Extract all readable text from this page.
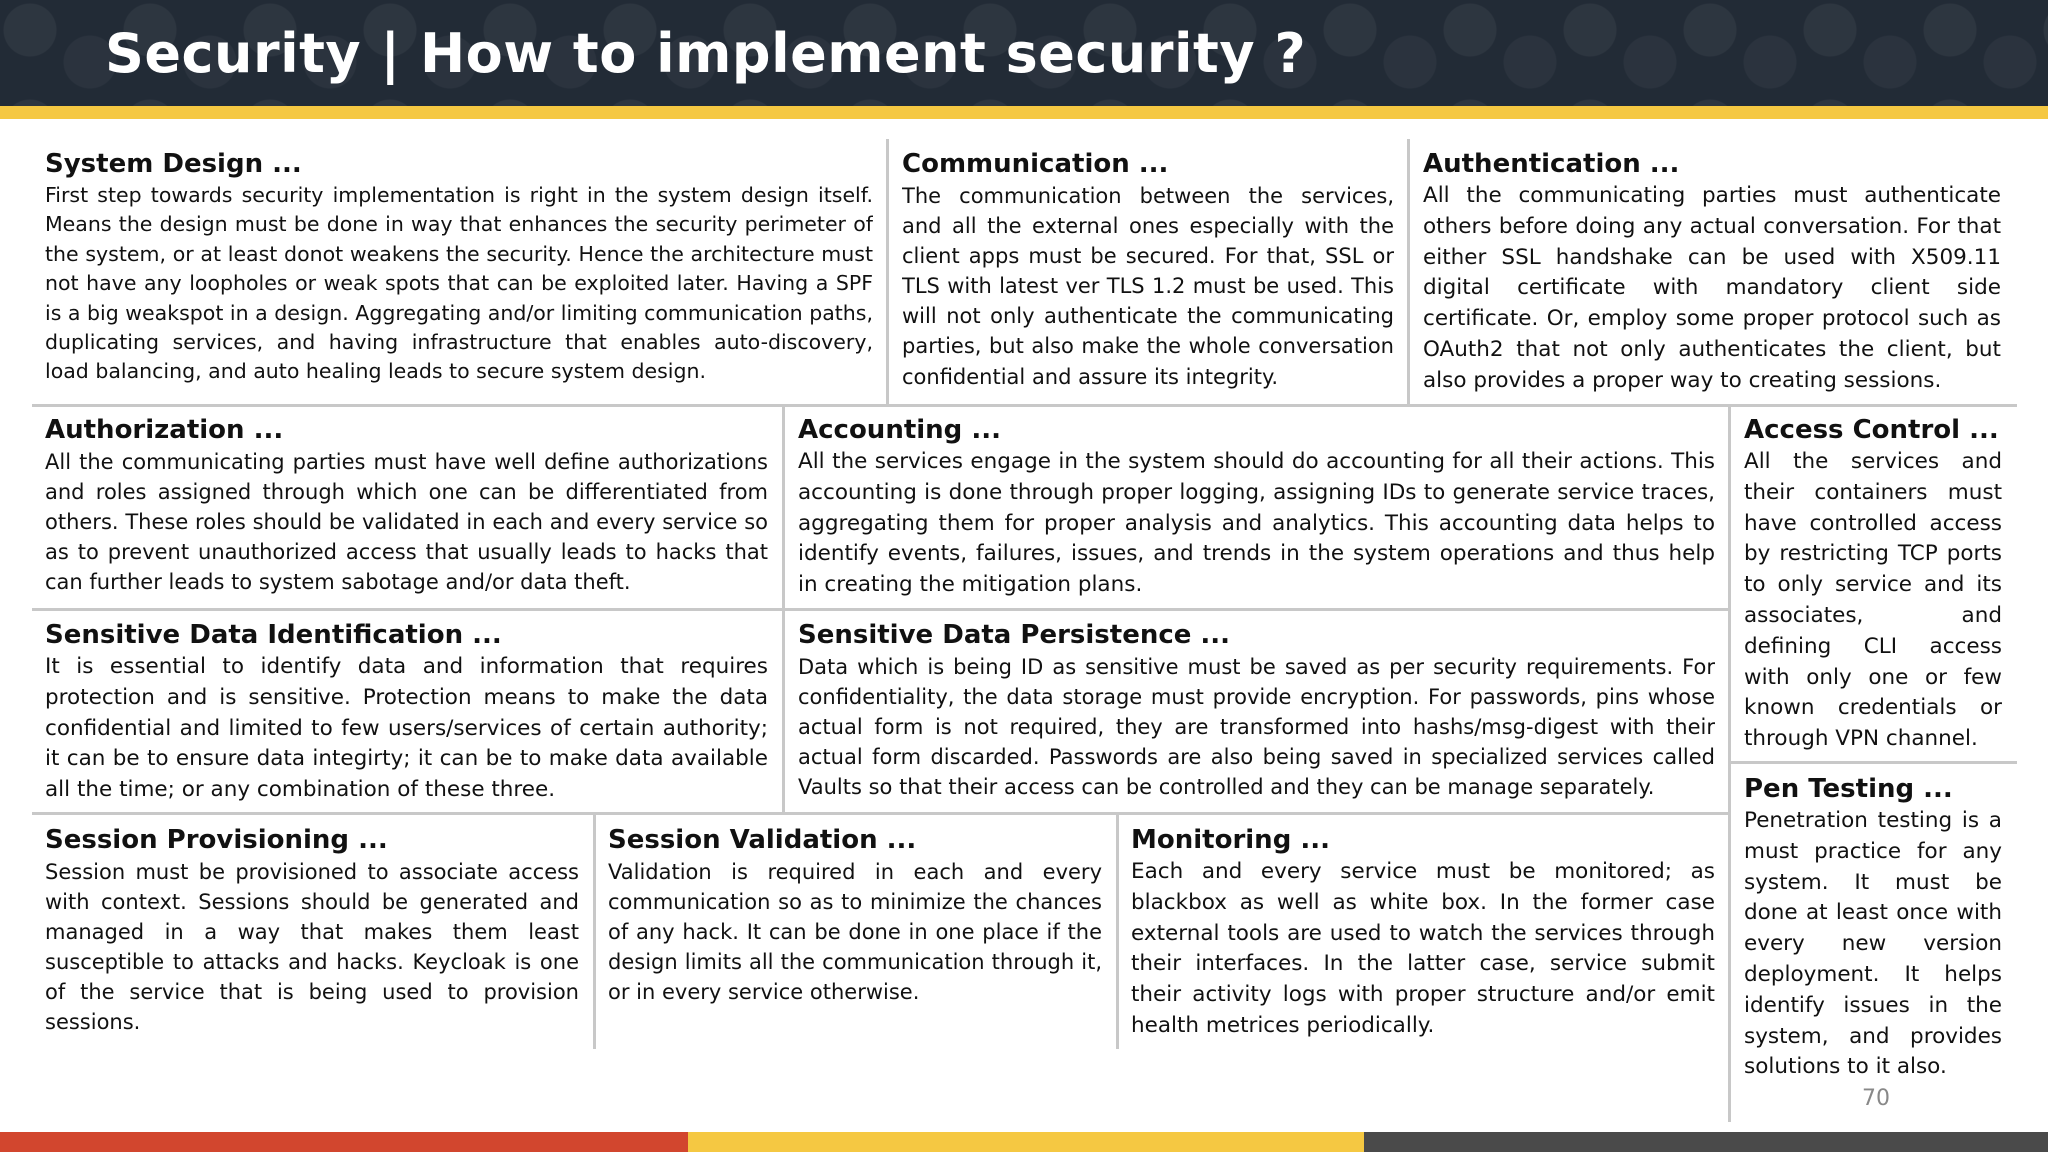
Security | How to implement security ?
System Design ...
First step towards security implementation is right in the system design itself. Means the design must be done in way that enhances the security perimeter of the system, or at least donot weakens the security. Hence the architecture must not have any loopholes or weak spots that can be exploited later. Having a SPF is a big weakspot in a design. Aggregating and/or limiting communication paths, duplicating services, and having infrastructure that enables auto-discovery, load balancing, and auto healing leads to secure system design.
Communication ...
The communication between the services, and all the external ones especially with the client apps must be secured. For that, SSL or TLS with latest ver TLS 1.2 must be used. This will not only authenticate the communicating parties, but also make the whole conversation confidential and assure its integrity.
Authentication ...
All the communicating parties must authenticate others before doing any actual conversation. For that either SSL handshake can be used with X509.11 digital certificate with mandatory client side certificate. Or, employ some proper protocol such as OAuth2 that not only authenticates the client, but also provides a proper way to creating sessions.
Authorization ...
All the communicating parties must have well define authorizations and roles assigned through which one can be differentiated from others. These roles should be validated in each and every service so as to prevent unauthorized access that usually leads to hacks that can further leads to system sabotage and/or data theft.
Accounting ...
All the services engage in the system should do accounting for all their actions. This accounting is done through proper logging, assigning IDs to generate service traces, aggregating them for proper analysis and analytics. This accounting data helps to identify events, failures, issues, and trends in the system operations and thus help in creating the mitigation plans.
Access Control ...
All the services and their containers must have controlled access by restricting TCP ports to only service and its associates, and defining CLI access with only one or few known credentials or through VPN channel.
Sensitive Data Identification ...
It is essential to identify data and information that requires protection and is sensitive. Protection means to make the data confidential and limited to few users/services of certain authority; it can be to ensure data integirty; it can be to make data available all the time; or any combination of these three.
Sensitive Data Persistence ...
Data which is being ID as sensitive must be saved as per security requirements. For confidentiality, the data storage must provide encryption. For passwords, pins whose actual form is not required, they are transformed into hashs/msg-digest with their actual form discarded. Passwords are also being saved in specialized services called Vaults so that their access can be controlled and they can be manage separately.	Pen Testing ...
Penetration testing is a must practice for any system. It must be done at least once with every new version deployment. It helps identify issues in the system, and provides solutions to it also.
Session Provisioning ...
Session must be provisioned to associate access with context. Sessions should be generated and managed in a way that makes them least susceptible to attacks and hacks. Keycloak is one of the service that is being used to provision sessions.
Session Validation ...
Validation is required in each and every communication so as to minimize the chances of any hack. It can be done in one place if the design limits all the communication through it, or in every service otherwise.
Monitoring ...
Each and every service must be monitored; as blackbox as well as white box. In the former case external tools are used to watch the services through their interfaces. In the latter case, service submit their activity logs with proper structure and/or emit health metrices periodically.
70
